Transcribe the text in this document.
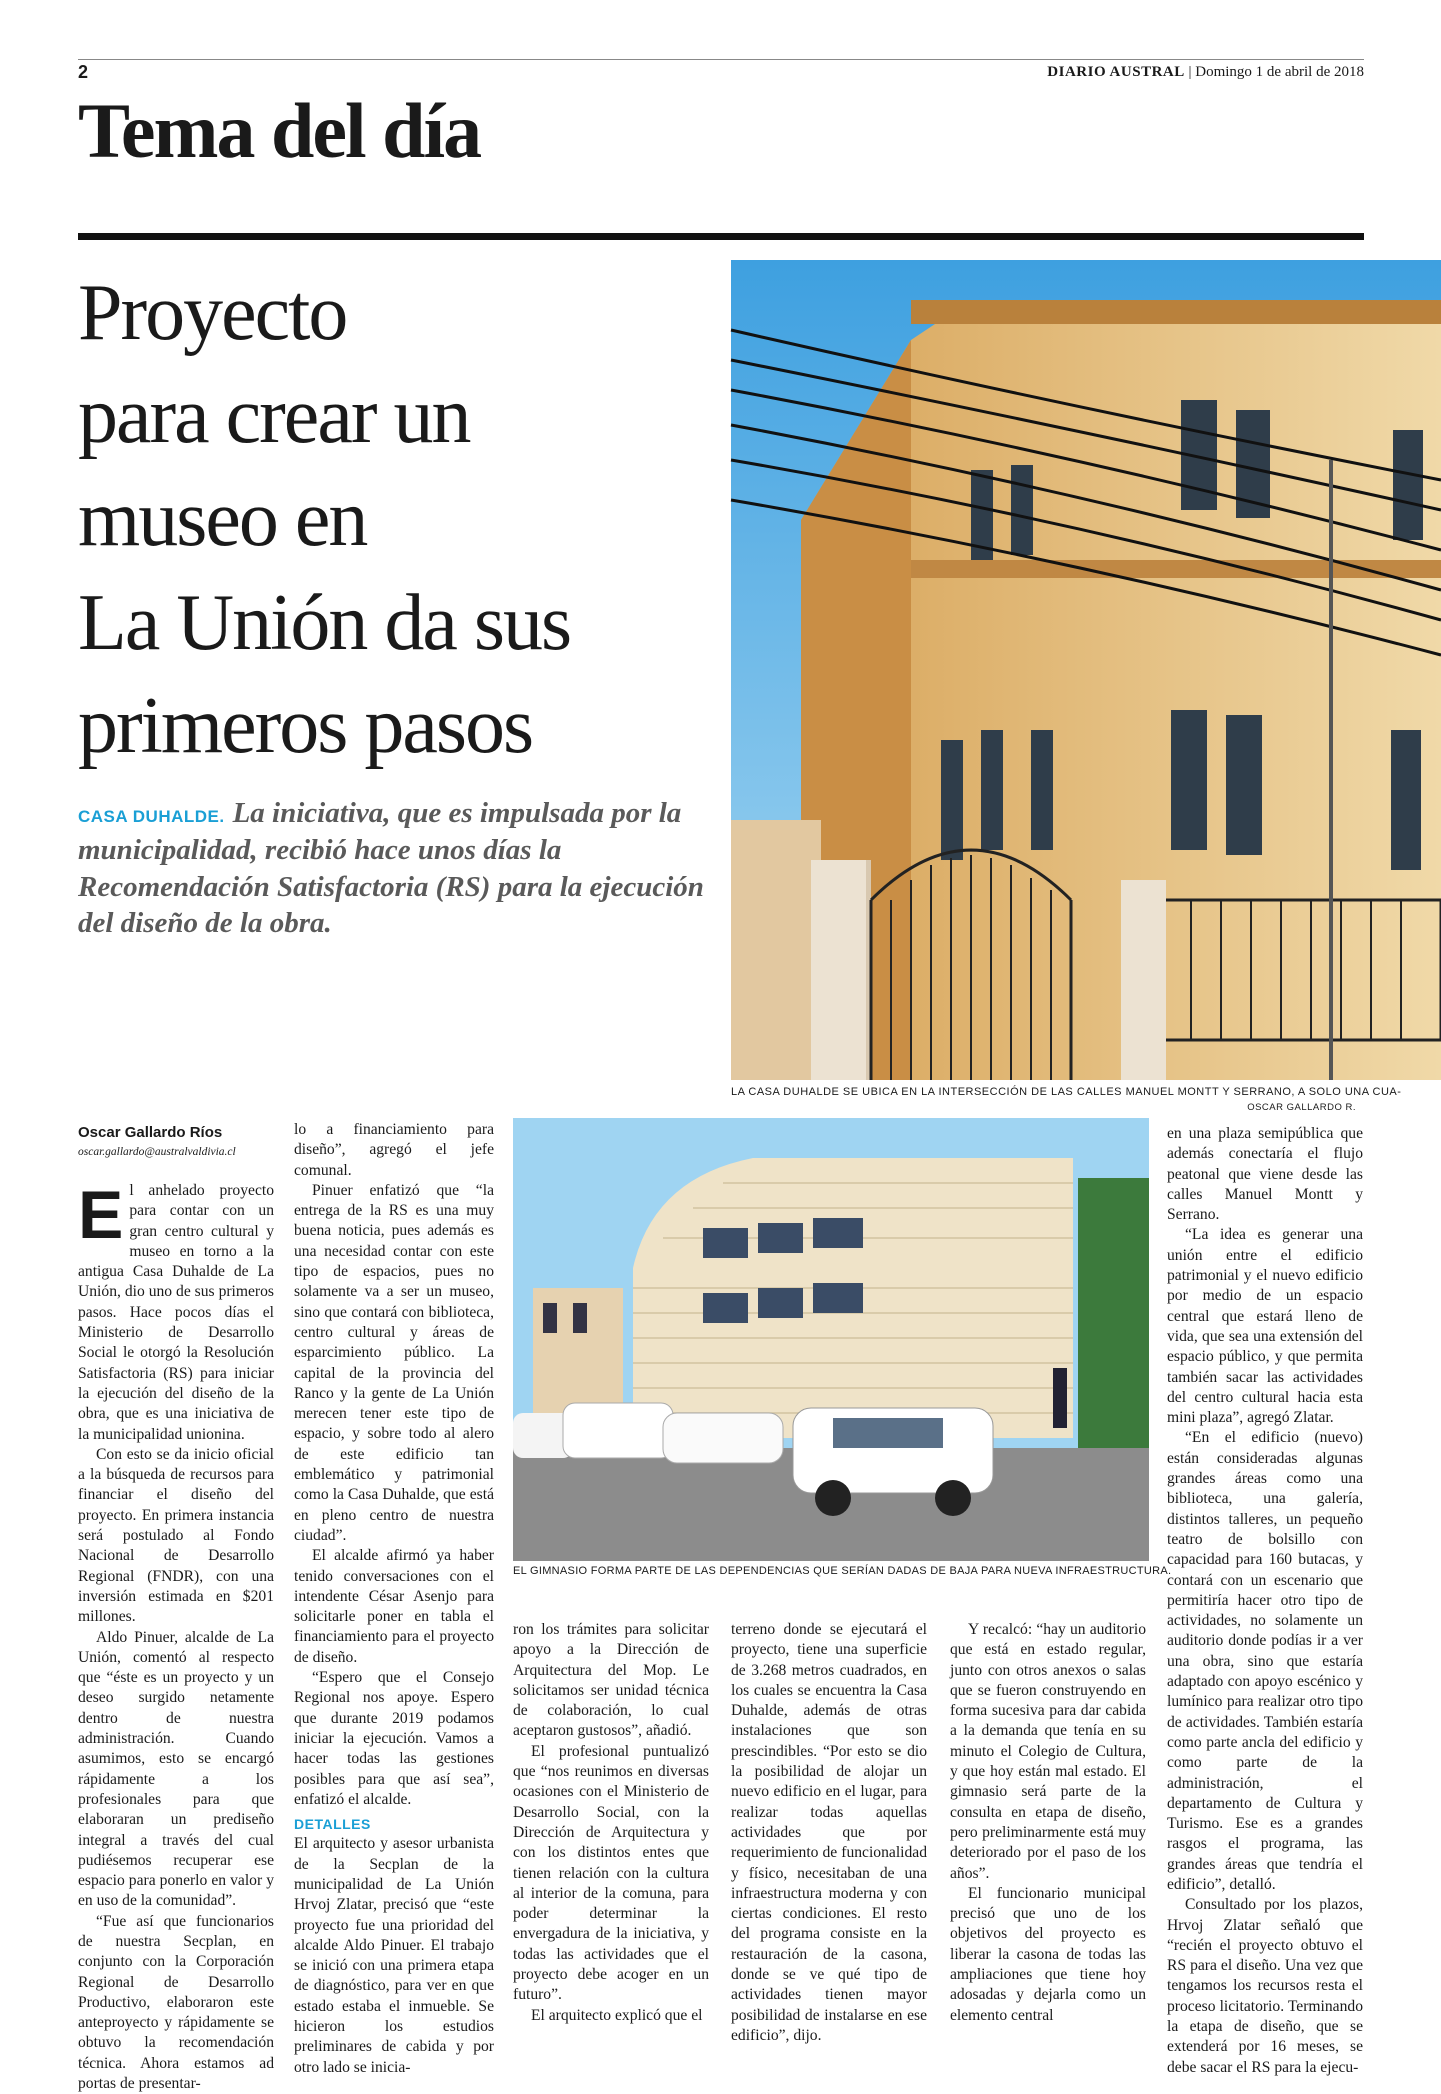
2	DIARIO AUSTRAL | Domingo 1 de abril de 2018
Tema del día
Proyecto
para crear un
museo en
La Unión da sus
primeros pasos
CASA DUHALDE. La iniciativa, que es impulsada por la municipalidad, recibió hace unos días la Recomendación Satisfactoria (RS) para la ejecución del diseño de la obra.
LA CASA DUHALDE SE UBICA EN LA INTERSECCIÓN DE LAS CALLES MANUEL MONTT Y SERRANO, A SOLO UNA CUA-
OSCAR GALLARDO R.
EL GIMNASIO FORMA PARTE DE LAS DEPENDENCIAS QUE SERÍAN DADAS DE BAJA PARA NUEVA INFRAESTRUCTURA.
Oscar Gallardo Ríos
oscar.gallardo@australvaldivia.cl

El anhelado proyecto para contar con un gran centro cultural y museo en torno a la antigua Casa Duhalde de La Unión, dio uno de sus primeros pasos. Hace pocos días el Ministerio de Desarrollo Social le otorgó la Resolución Satisfactoria (RS) para iniciar la ejecución del diseño de la obra, que es una iniciativa de la municipalidad unionina.

Con esto se da inicio oficial a la búsqueda de recursos para financiar el diseño del proyecto. En primera instancia será postulado al Fondo Nacional de Desarrollo Regional (FNDR), con una inversión estimada en $201 millones.

Aldo Pinuer, alcalde de La Unión, comentó al respecto que “éste es un proyecto y un deseo surgido netamente dentro de nuestra administración. Cuando asumimos, esto se encargó rápidamente a los profesionales para que elaboraran un prediseño integral a través del cual pudiésemos recuperar ese espacio para ponerlo en valor y en uso de la comunidad”.

“Fue así que funcionarios de nuestra Secplan, en conjunto con la Corporación Regional de Desarrollo Productivo, elaboraron este anteproyecto y rápidamente se obtuvo la recomendación técnica. Ahora estamos ad portas de presentar-

lo a financiamiento para diseño”, agregó el jefe comunal.

Pinuer enfatizó que “la entrega de la RS es una muy buena noticia, pues además es una necesidad contar con este tipo de espacios, pues no solamente va a ser un museo, sino que contará con biblioteca, centro cultural y áreas de esparcimiento público. La capital de la provincia del Ranco y la gente de La Unión merecen tener este tipo de espacio, y sobre todo al alero de este edificio tan emblemático y patrimonial como la Casa Duhalde, que está en pleno centro de nuestra ciudad”.

El alcalde afirmó ya haber tenido conversaciones con el intendente César Asenjo para solicitarle poner en tabla el financiamiento para el proyecto de diseño.

“Espero que el Consejo Regional nos apoye. Espero que durante 2019 podamos iniciar la ejecución. Vamos a hacer todas las gestiones posibles para que así sea”, enfatizó el alcalde.

DETALLES

El arquitecto y asesor urbanista de la Secplan de la municipalidad de La Unión Hrvoj Zlatar, precisó que “este proyecto fue una prioridad del alcalde Aldo Pinuer. El trabajo se inició con una primera etapa de diagnóstico, para ver en que estado estaba el inmueble. Se hicieron los estudios preliminares de cabida y por otro lado se inicia-

ron los trámites para solicitar apoyo a la Dirección de Arquitectura del Mop. Le solicitamos ser unidad técnica de colaboración, lo cual aceptaron gustosos”, añadió.

El profesional puntualizó que “nos reunimos en diversas ocasiones con el Ministerio de Desarrollo Social, con la Dirección de Arquitectura y con los distintos entes que tienen relación con la cultura al interior de la comuna, para poder determinar la envergadura de la iniciativa, y todas las actividades que el proyecto debe acoger en un futuro”.

El arquitecto explicó que el

terreno donde se ejecutará el proyecto, tiene una superficie de 3.268 metros cuadrados, en los cuales se encuentra la Casa Duhalde, además de otras instalaciones que son prescindibles. “Por esto se dio la posibilidad de alojar un nuevo edificio en el lugar, para realizar todas aquellas actividades que por requerimiento de funcionalidad y físico, necesitaban de una infraestructura moderna y con ciertas condiciones. El resto del programa consiste en la restauración de la casona, donde se ve qué tipo de actividades tienen mayor posibilidad de instalarse en ese edificio”, dijo.

Y recalcó: “hay un auditorio que está en estado regular, junto con otros anexos o salas que se fueron construyendo en forma sucesiva para dar cabida a la demanda que tenía en su minuto el Colegio de Cultura, y que hoy están mal estado. El gimnasio será parte de la consulta en etapa de diseño, pero preliminarmente está muy deteriorado por el paso de los años”.

El funcionario municipal precisó que uno de los objetivos del proyecto es liberar la casona de todas las ampliaciones que tiene hoy adosadas y dejarla como un elemento central

en una plaza semipública que además conectaría el flujo peatonal que viene desde las calles Manuel Montt y Serrano.

“La idea es generar una unión entre el edificio patrimonial y el nuevo edificio por medio de un espacio central que estará lleno de vida, que sea una extensión del espacio público, y que permita también sacar las actividades del centro cultural hacia esta mini plaza”, agregó Zlatar.

“En el edificio (nuevo) están consideradas algunas grandes áreas como una biblioteca, una galería, distintos talleres, un pequeño teatro de bolsillo con capacidad para 160 butacas, y contará con un escenario que permitiría hacer otro tipo de actividades, no solamente un auditorio donde podías ir a ver una obra, sino que estaría adaptado con apoyo escénico y lumínico para realizar otro tipo de actividades. También estaría como parte ancla del edificio y como parte de la administración, el departamento de Cultura y Turismo. Ese es a grandes rasgos el programa, las grandes áreas que tendría el edificio”, detalló.

Consultado por los plazos, Hrvoj Zlatar señaló que “recién el proyecto obtuvo el RS para el diseño. Una vez que tengamos los recursos resta el proceso licitatorio. Terminando la etapa de diseño, que se extenderá por 16 meses, se debe sacar el RS para la ejecu-
